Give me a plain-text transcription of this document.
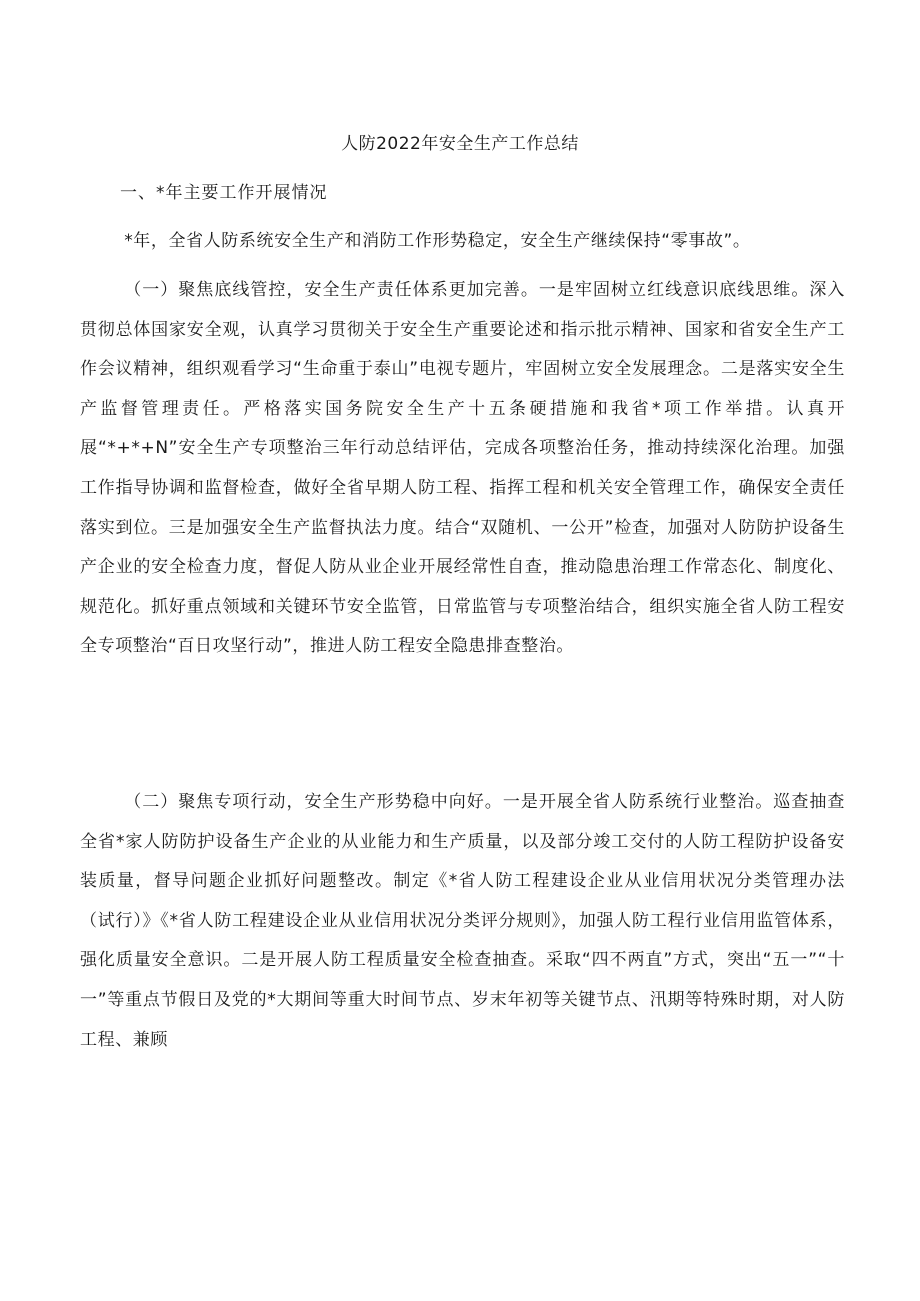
人防2022年安全生产工作总结
一、*年主要工作开展情况

*年，全省人防系统安全生产和消防工作形势稳定，安全生产继续保持“零事故”。

（一）聚焦底线管控，安全生产责任体系更加完善。一是牢固树立红线意识底线思维。深入贯彻总体国家安全观，认真学习贯彻关于安全生产重要论述和指示批示精神、国家和省安全生产工作会议精神，组织观看学习“生命重于泰山”电视专题片，牢固树立安全发展理念。二是落实安全生产监督管理责任。严格落实国务院安全生产十五条硬措施和我省*项工作举措。认真开展“*+*+N”安全生产专项整治三年行动总结评估，完成各项整治任务，推动持续深化治理。加强工作指导协调和监督检查，做好全省早期人防工程、指挥工程和机关安全管理工作，确保安全责任落实到位。三是加强安全生产监督执法力度。结合“双随机、一公开”检查，加强对人防防护设备生产企业的安全检查力度，督促人防从业企业开展经常性自查，推动隐患治理工作常态化、制度化、规范化。抓好重点领域和关键环节安全监管，日常监管与专项整治结合，组织实施全省人防工程安全专项整治“百日攻坚行动”，推进人防工程安全隐患排查整治。

（二）聚焦专项行动，安全生产形势稳中向好。一是开展全省人防系统行业整治。巡查抽查全省*家人防防护设备生产企业的从业能力和生产质量，以及部分竣工交付的人防工程防护设备安装质量，督导问题企业抓好问题整改。制定《*省人防工程建设企业从业信用状况分类管理办法（试行）》《*省人防工程建设企业从业信用状况分类评分规则》，加强人防工程行业信用监管体系，强化质量安全意识。二是开展人防工程质量安全检查抽查。采取“四不两直”方式，突出“五一”“十一”等重点节假日及党的*大期间等重大时间节点、岁末年初等关键节点、汛期等特殊时期，对人防工程、兼顾
